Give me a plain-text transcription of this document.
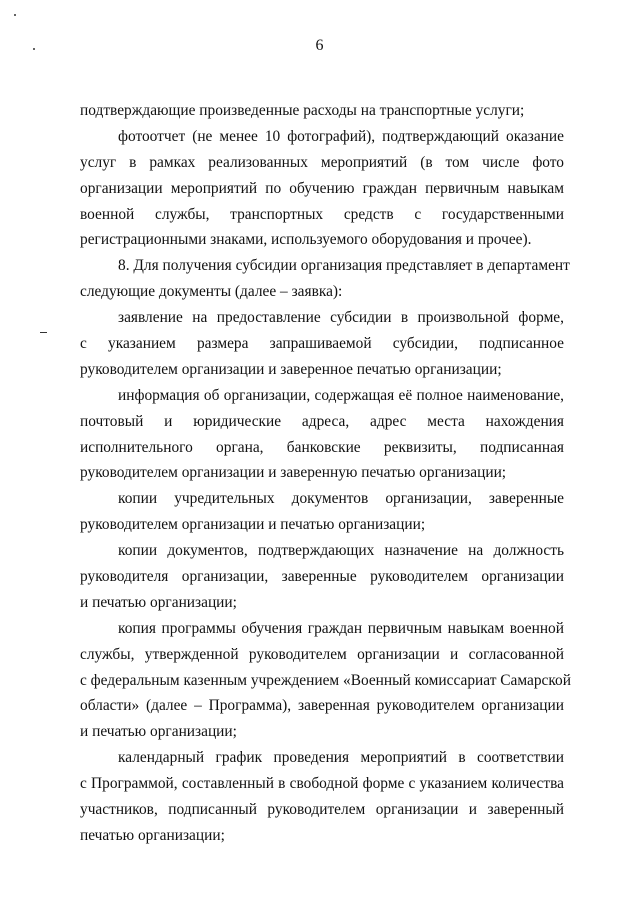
6
подтверждающие произведенные расходы на транспортные услуги;
фотоотчет (не менее 10 фотографий), подтверждающий оказание
услуг в рамках реализованных мероприятий (в том числе фото
организации мероприятий по обучению граждан первичным навыкам
военной службы, транспортных средств с государственными
регистрационными знаками, используемого оборудования и прочее).
8. Для получения субсидии организация представляет в департамент
следующие документы (далее – заявка):
заявление на предоставление субсидии в произвольной форме,
с указанием размера запрашиваемой субсидии, подписанное
руководителем организации и заверенное печатью организации;
информация об организации, содержащая её полное наименование,
почтовый и юридические адреса, адрес места нахождения
исполнительного органа, банковские реквизиты, подписанная
руководителем организации и заверенную печатью организации;
копии учредительных документов организации, заверенные
руководителем организации и печатью организации;
копии документов, подтверждающих назначение на должность
руководителя организации, заверенные руководителем организации
и печатью организации;
копия программы обучения граждан первичным навыкам военной
службы, утвержденной руководителем организации и согласованной
с федеральным казенным учреждением «Военный комиссариат Самарской
области» (далее – Программа), заверенная руководителем организации
и печатью организации;
календарный график проведения мероприятий в соответствии
с Программой, составленный в свободной форме с указанием количества
участников, подписанный руководителем организации и заверенный
печатью организации;
